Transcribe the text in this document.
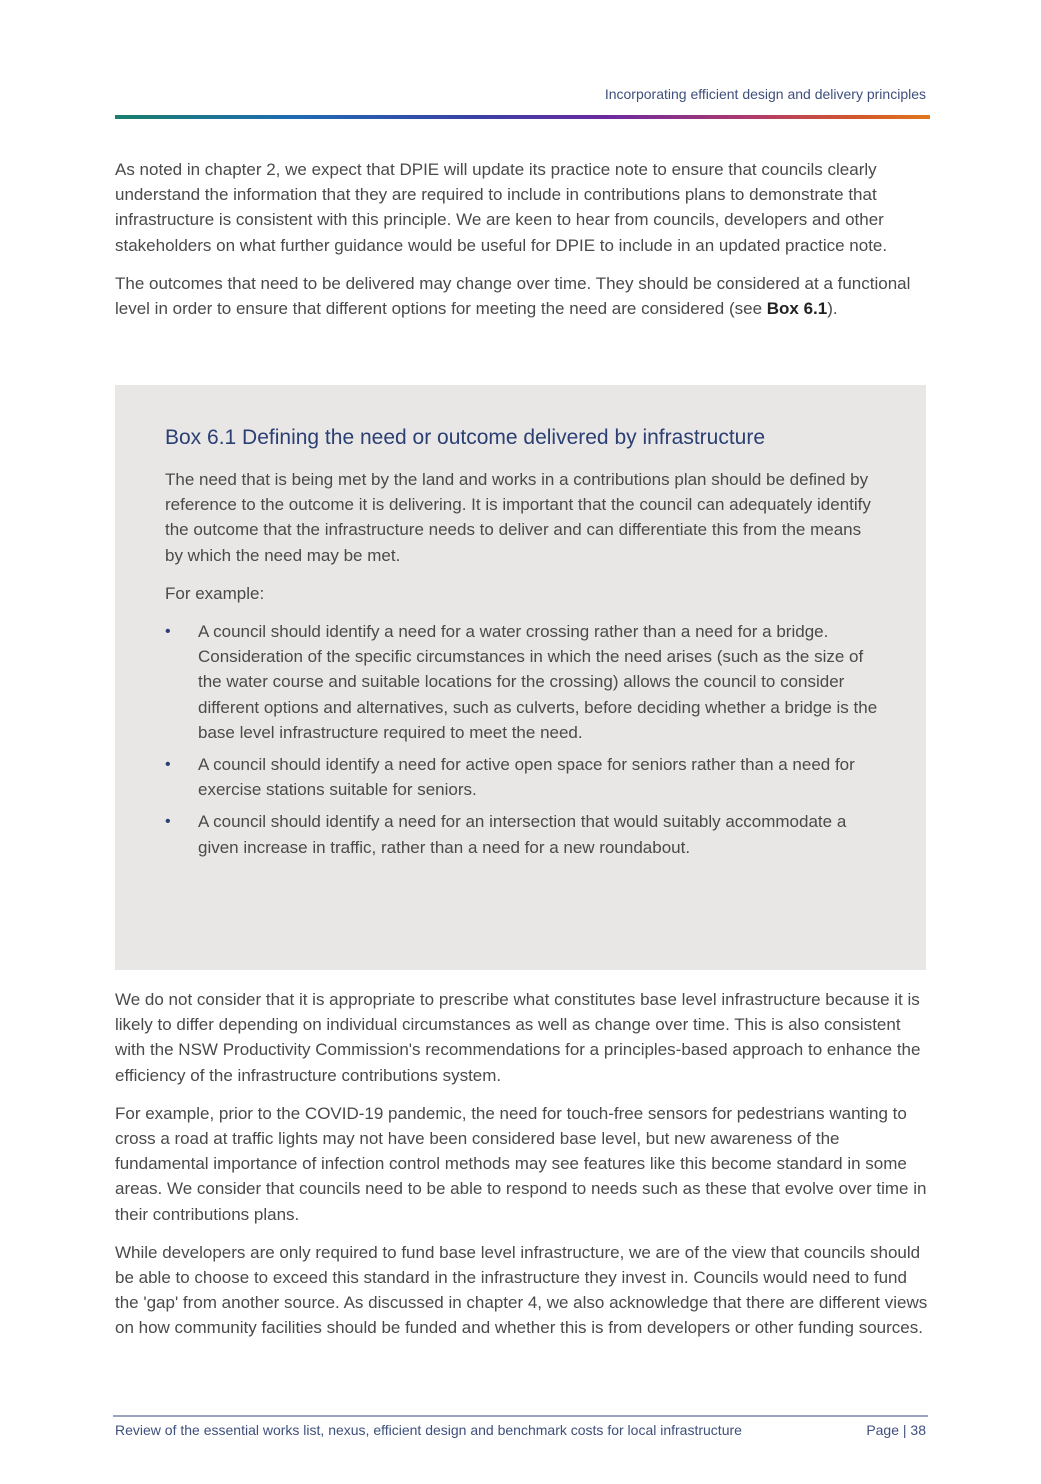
Incorporating efficient design and delivery principles

As noted in chapter 2, we expect that DPIE will update its practice note to ensure that councils clearly understand the information that they are required to include in contributions plans to demonstrate that infrastructure is consistent with this principle. We are keen to hear from councils, developers and other stakeholders on what further guidance would be useful for DPIE to include in an updated practice note.

The outcomes that need to be delivered may change over time. They should be considered at a functional level in order to ensure that different options for meeting the need are considered (see Box 6.1).

Box 6.1 Defining the need or outcome delivered by infrastructure

The need that is being met by the land and works in a contributions plan should be defined by reference to the outcome it is delivering. It is important that the council can adequately identify the outcome that the infrastructure needs to deliver and can differentiate this from the means by which the need may be met.

For example:

• A council should identify a need for a water crossing rather than a need for a bridge. Consideration of the specific circumstances in which the need arises (such as the size of the water course and suitable locations for the crossing) allows the council to consider different options and alternatives, such as culverts, before deciding whether a bridge is the base level infrastructure required to meet the need.
• A council should identify a need for active open space for seniors rather than a need for exercise stations suitable for seniors.
• A council should identify a need for an intersection that would suitably accommodate a given increase in traffic, rather than a need for a new roundabout.

We do not consider that it is appropriate to prescribe what constitutes base level infrastructure because it is likely to differ depending on individual circumstances as well as change over time. This is also consistent with the NSW Productivity Commission's recommendations for a principles-based approach to enhance the efficiency of the infrastructure contributions system.

For example, prior to the COVID-19 pandemic, the need for touch-free sensors for pedestrians wanting to cross a road at traffic lights may not have been considered base level, but new awareness of the fundamental importance of infection control methods may see features like this become standard in some areas. We consider that councils need to be able to respond to needs such as these that evolve over time in their contributions plans.

While developers are only required to fund base level infrastructure, we are of the view that councils should be able to choose to exceed this standard in the infrastructure they invest in. Councils would need to fund the 'gap' from another source. As discussed in chapter 4, we also acknowledge that there are different views on how community facilities should be funded and whether this is from developers or other funding sources.

Review of the essential works list, nexus, efficient design and benchmark costs for local infrastructure	Page | 38
